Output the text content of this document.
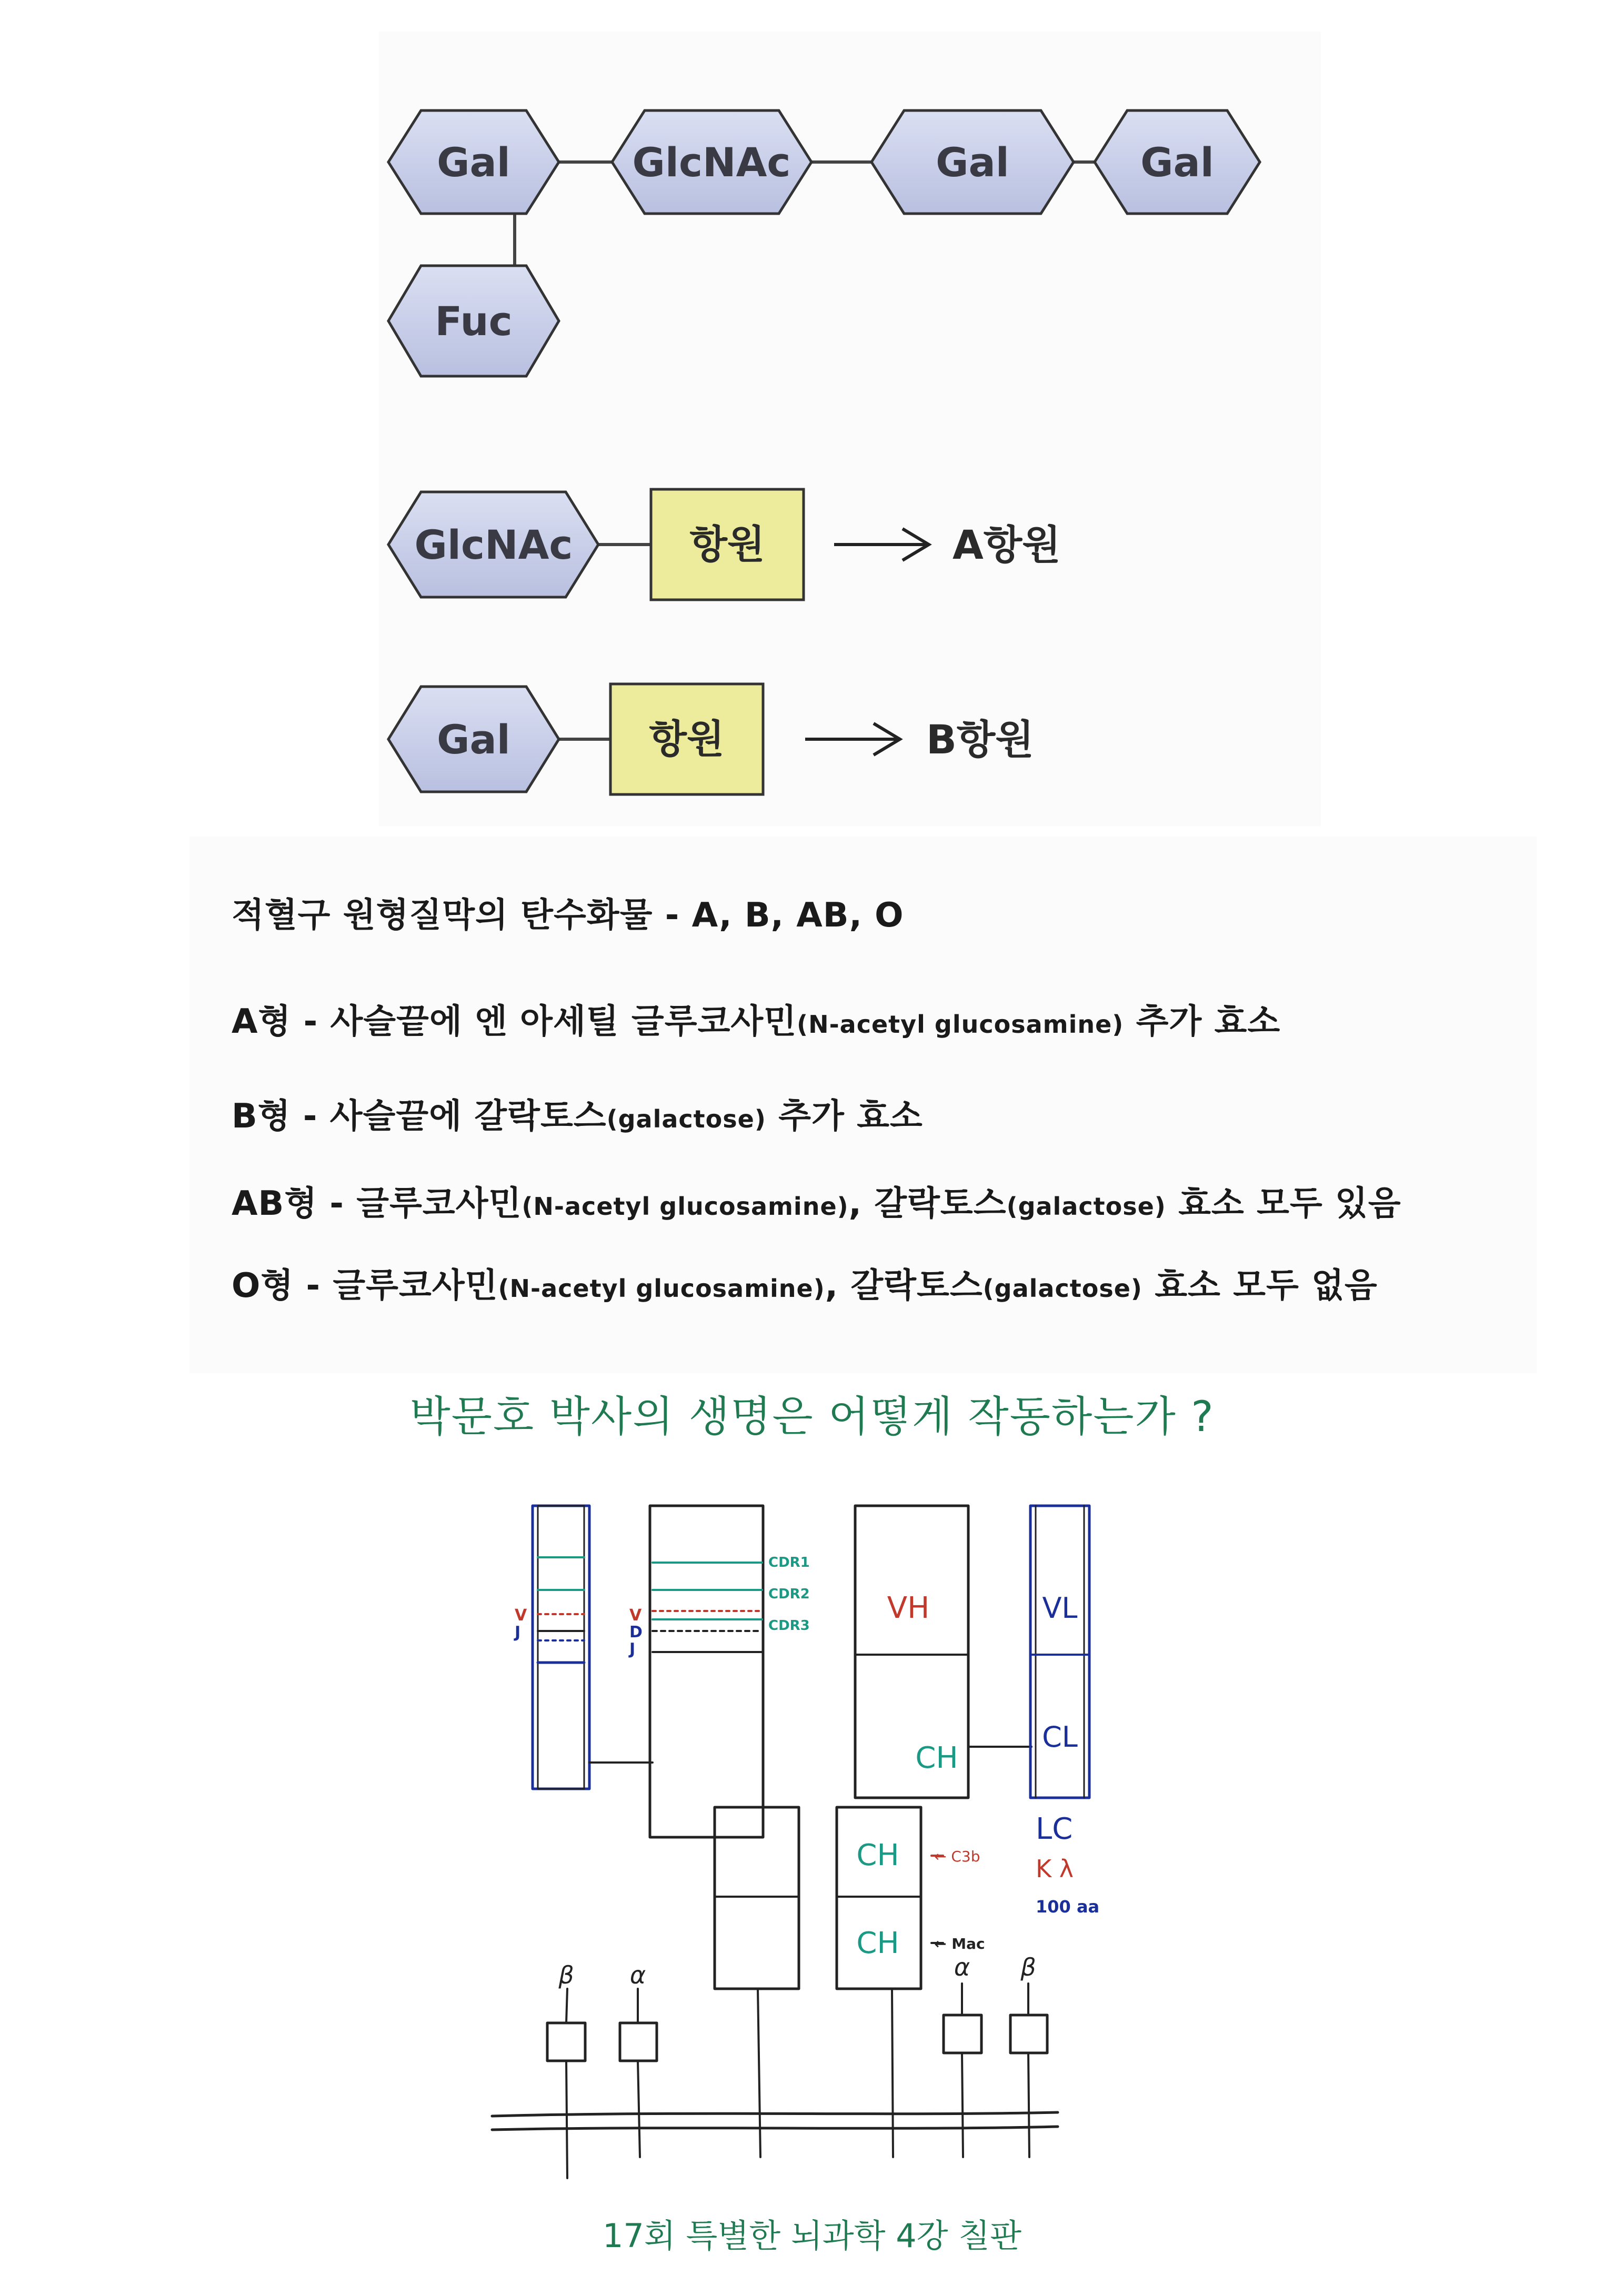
Gal	GlcNAc	Gal	Gal
Fuc
GlcNAc
Gal
항원
항원
A항원
B항원
적혈구 원형질막의 탄수화물 - A, B, AB, O
A형 - 사슬끝에 엔 아세틸 글루코사민(N-acetyl glucosamine) 추가 효소
B형 - 사슬끝에 갈락토스(galactose) 추가 효소
AB형 - 글루코사민(N-acetyl glucosamine), 갈락토스(galactose) 효소 모두 있음
O형 - 글루코사민(N-acetyl glucosamine), 갈락토스(galactose) 효소 모두 없음
박문호 박사의 생명은 어떻게 작동하는가 ?
V
J
V
D
J
CDR1
CDR2
CDR3
VH
CH
CH
CH
VL
CL
LC
K λ
100 aa
← C3b
← Mac
β α	α β
17회 특별한 뇌과학 4강 칠판
